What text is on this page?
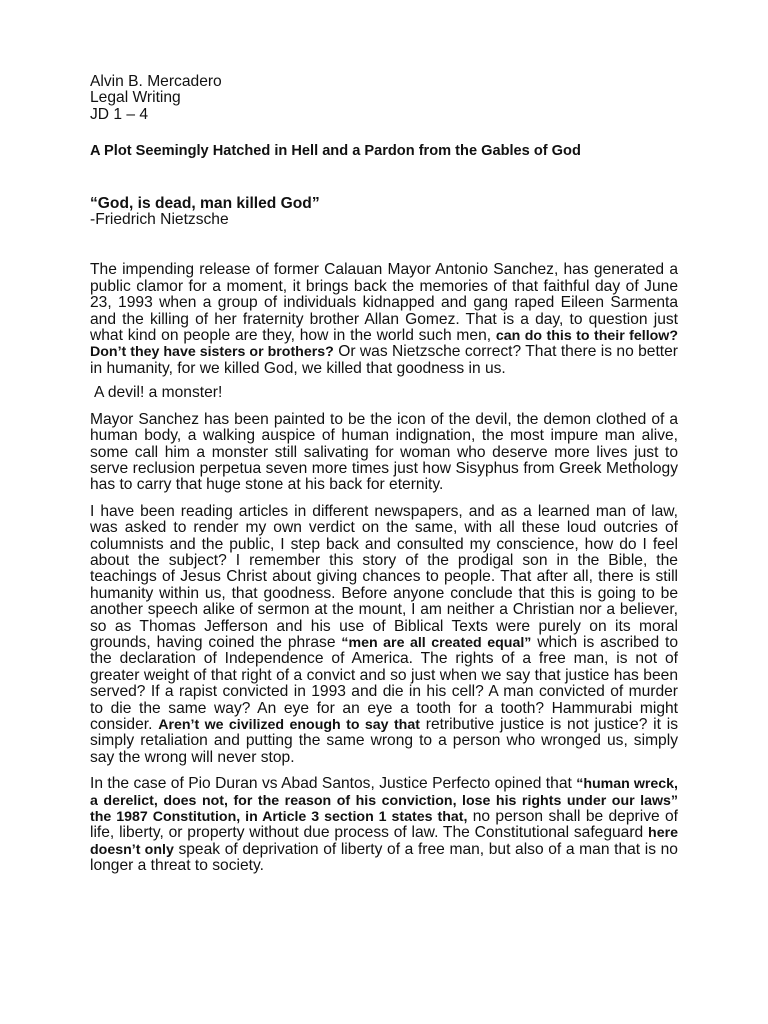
Alvin B. Mercadero

Legal Writing

JD 1 – 4

A Plot Seemingly Hatched in Hell and a Pardon from the Gables of God

“God, is dead, man killed God”
-Friedrich Nietzsche

The impending release of former Calauan Mayor Antonio Sanchez, has generated a public clamor for a moment, it brings back the memories of that faithful day of June 23, 1993 when a group of individuals kidnapped and gang raped Eileen Sarmenta and the killing of her fraternity brother Allan Gomez. That is a day, to question just what kind on people are they, how in the world such men, can do this to their fellow? Don’t they have sisters or brothers? Or was Nietzsche correct? That there is no better in humanity, for we killed God, we killed that goodness in us.

A devil! a monster!

Mayor Sanchez has been painted to be the icon of the devil, the demon clothed of a human body, a walking auspice of human indignation, the most impure man alive, some call him a monster still salivating for woman who deserve more lives just to serve reclusion perpetua seven more times just how Sisyphus from Greek Methology has to carry that huge stone at his back for eternity.

I have been reading articles in different newspapers, and as a learned man of law, was asked to render my own verdict on the same, with all these loud outcries of columnists and the public, I step back and consulted my conscience, how do I feel about the subject? I remember this story of the prodigal son in the Bible, the teachings of Jesus Christ about giving chances to people. That after all, there is still humanity within us, that goodness. Before anyone conclude that this is going to be another speech alike of sermon at the mount, I am neither a Christian nor a believer, so as Thomas Jefferson and his use of Biblical Texts were purely on its moral grounds, having coined the phrase “men are all created equal” which is ascribed to the declaration of Independence of America. The rights of a free man, is not of greater weight of that right of a convict and so just when we say that justice has been served? If a rapist convicted in 1993 and die in his cell? A man convicted of murder to die the same way? An eye for an eye a tooth for a tooth? Hammurabi might consider. Aren’t we civilized enough to say that retributive justice is not justice? it is simply retaliation and putting the same wrong to a person who wronged us, simply say the wrong will never stop.

In the case of Pio Duran vs Abad Santos, Justice Perfecto opined that “human wreck, a derelict, does not, for the reason of his conviction, lose his rights under our laws” the 1987 Constitution, in Article 3 section 1 states that, no person shall be deprive of life, liberty, or property without due process of law. The Constitutional safeguard here doesn’t only speak of deprivation of liberty of a free man, but also of a man that is no longer a threat to society.
